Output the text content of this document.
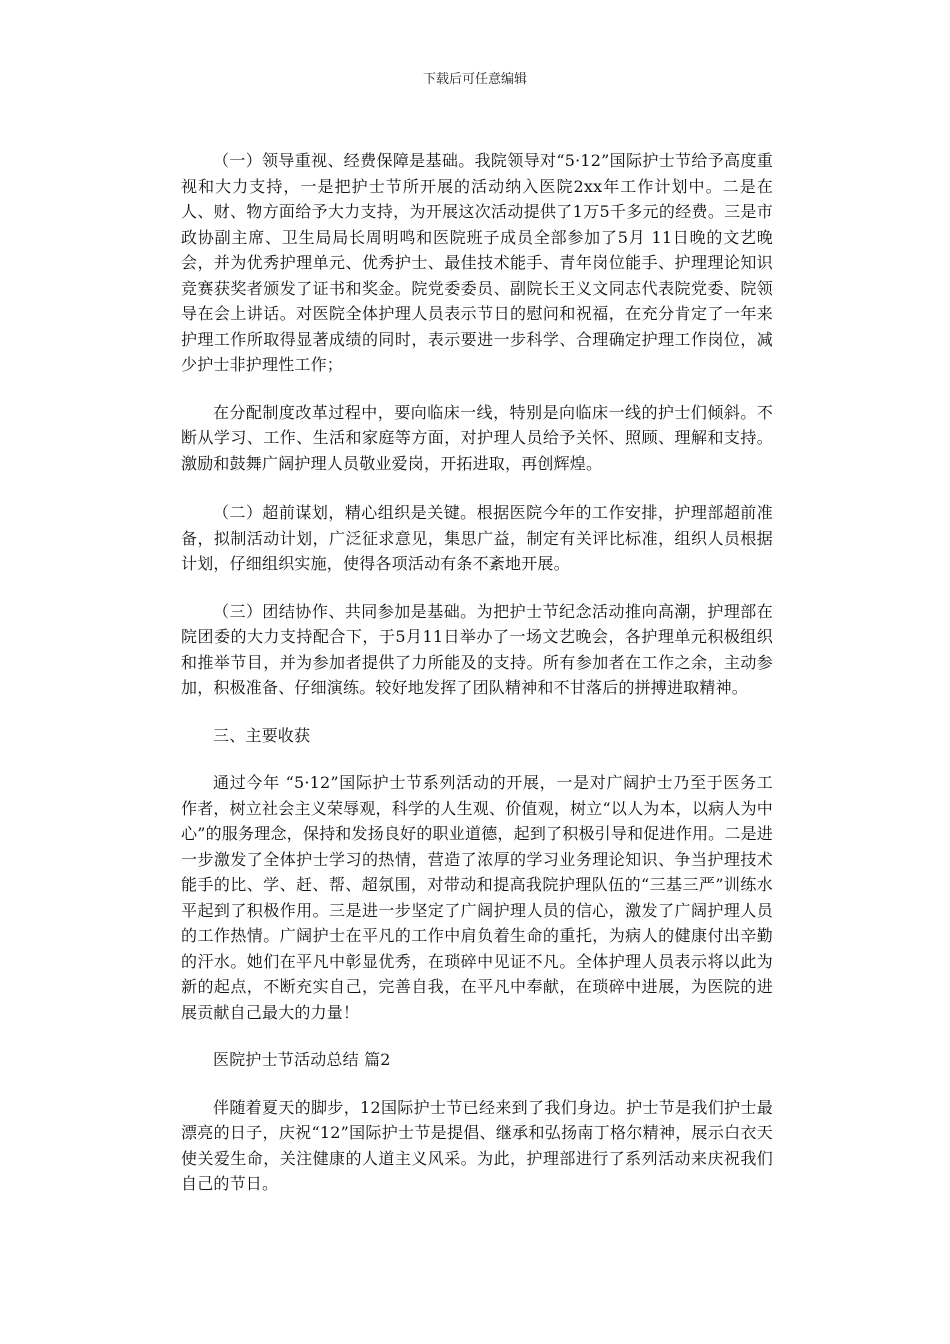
下载后可任意编辑

（一）领导重视、经费保障是基础。我院领导对“5·12”国际护士节给予高度重视和大力支持，一是把护士节所开展的活动纳入医院2xx年工作计划中。二是在人、财、物方面给予大力支持，为开展这次活动提供了1万5千多元的经费。三是市政协副主席、卫生局局长周明鸣和医院班子成员全部参加了5月 11日晚的文艺晚会，并为优秀护理单元、优秀护士、最佳技术能手、青年岗位能手、护理理论知识竞赛获奖者颁发了证书和奖金。院党委委员、副院长王义文同志代表院党委、院领导在会上讲话。对医院全体护理人员表示节日的慰问和祝福，在充分肯定了一年来护理工作所取得显著成绩的同时，表示要进一步科学、合理确定护理工作岗位，减少护士非护理性工作；

在分配制度改革过程中，要向临床一线，特别是向临床一线的护士们倾斜。不断从学习、工作、生活和家庭等方面，对护理人员给予关怀、照顾、理解和支持。激励和鼓舞广阔护理人员敬业爱岗，开拓进取，再创辉煌。

（二）超前谋划，精心组织是关键。根据医院今年的工作安排，护理部超前准备，拟制活动计划，广泛征求意见，集思广益，制定有关评比标准，组织人员根据计划，仔细组织实施，使得各项活动有条不紊地开展。

（三）团结协作、共同参加是基础。为把护士节纪念活动推向高潮，护理部在院团委的大力支持配合下，于5月11日举办了一场文艺晚会，各护理单元积极组织和推举节目，并为参加者提供了力所能及的支持。所有参加者在工作之余，主动参加，积极准备、仔细演练。较好地发挥了团队精神和不甘落后的拼搏进取精神。

三、主要收获

通过今年 “5·12”国际护士节系列活动的开展，一是对广阔护士乃至于医务工作者，树立社会主义荣辱观，科学的人生观、价值观，树立“以人为本，以病人为中心”的服务理念，保持和发扬良好的职业道德，起到了积极引导和促进作用。二是进一步激发了全体护士学习的热情，营造了浓厚的学习业务理论知识、争当护理技术能手的比、学、赶、帮、超氛围，对带动和提高我院护理队伍的“三基三严”训练水平起到了积极作用。三是进一步坚定了广阔护理人员的信心，激发了广阔护理人员的工作热情。广阔护士在平凡的工作中肩负着生命的重托，为病人的健康付出辛勤的汗水。她们在平凡中彰显优秀，在琐碎中见证不凡。全体护理人员表示将以此为新的起点，不断充实自己，完善自我，在平凡中奉献，在琐碎中进展，为医院的进展贡献自己最大的力量！

医院护士节活动总结 篇2

伴随着夏天的脚步，12国际护士节已经来到了我们身边。护士节是我们护士最漂亮的日子，庆祝“12”国际护士节是提倡、继承和弘扬南丁格尔精神，展示白衣天使关爱生命，关注健康的人道主义风采。为此，护理部进行了系列活动来庆祝我们自己的节日。
